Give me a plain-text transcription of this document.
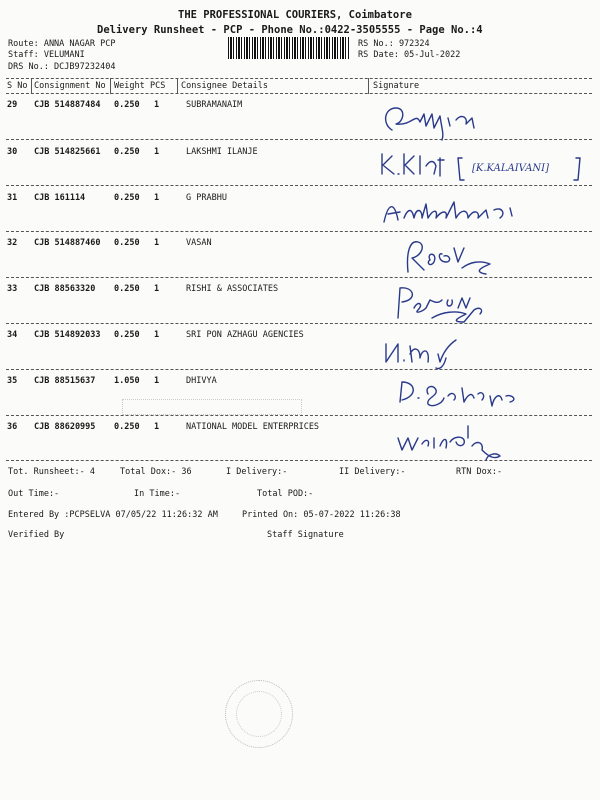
THE PROFESSIONAL COURIERS, Coimbatore
Delivery Runsheet - PCP - Phone No.:0422-3505555 - Page No.:4
Route: ANNA NAGAR PCP
Staff: VELUMANI
DRS No.: DCJB97232404
RS No.: 972324
RS Date: 05-Jul-2022
S No Consignment No Weight PCS Consignee Details	Signature
29 CJB 514887484 0.250 1	SUBRAMANAIM
30 CJB 514825661 0.250 1	LAKSHMI ILANJE
31 CJB 161114	0.250 1	G PRABHU
32 CJB 514887460 0.250 1	VASAN
33 CJB 88563320 0.250 1	RISHI & ASSOCIATES
34 CJB 514892033 0.250 1	SRI PON AZHAGU AGENCIES
35 CJB 88515637 1.050 1	DHIVYA
36 CJB 88620995 0.250 1	NATIONAL MODEL ENTERPRICES
[K.KALAIVANI]
Tot. Runsheet:- 4	Total Dox:- 36	I Delivery:-	II Delivery:-	RTN Dox:-
Out Time:-	In Time:-	Total POD:-
Entered By :PCPSELVA 07/05/22 11:26:32 AM	Printed On: 05-07-2022 11:26:38
Verified By	Staff Signature
